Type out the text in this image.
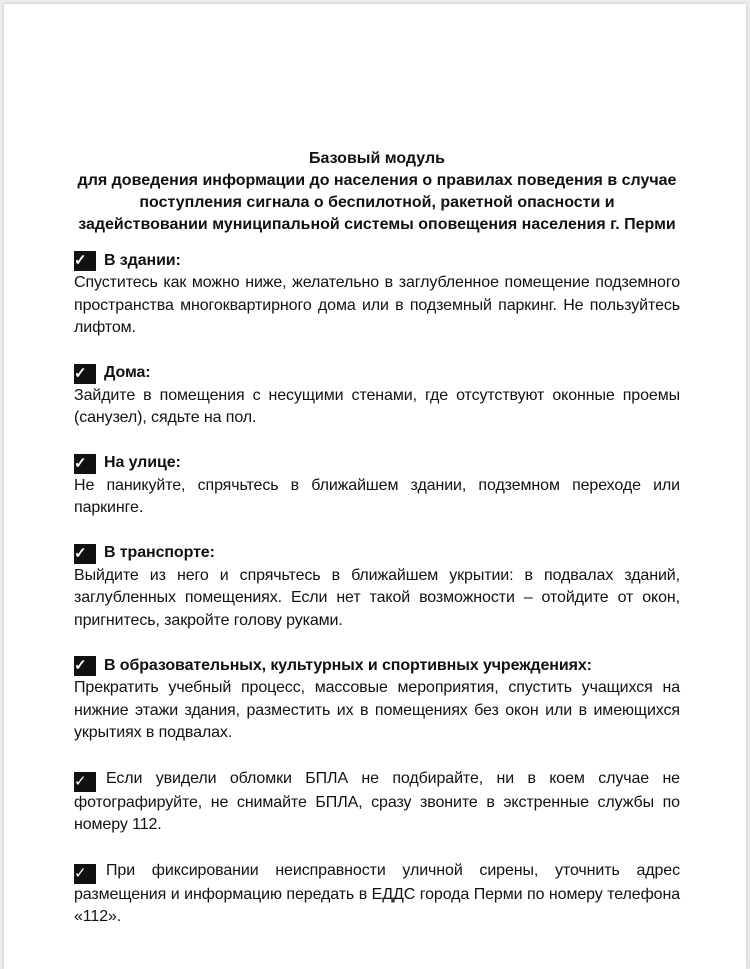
Базовый модуль
для доведения информации до населения о правилах поведения в случае
поступления сигнала о беспилотной, ракетной опасности и
задействовании муниципальной системы оповещения населения г. Перми
✓	В здании:

Спуститесь как можно ниже, желательно в заглубленное помещение подземного пространства многоквартирного дома или в подземный паркинг. Не пользуйтесь лифтом.

✓	Дома:

Зайдите в помещения с несущими стенами, где отсутствуют оконные проемы (санузел), сядьте на пол.

✓	На улице:

Не паникуйте, спрячьтесь в ближайшем здании, подземном переходе или паркинге.

✓	В транспорте:

Выйдите из него и спрячьтесь в ближайшем укрытии: в подвалах зданий, заглубленных помещениях. Если нет такой возможности – отойдите от окон, пригнитесь, закройте голову руками.

✓	В образовательных, культурных и спортивных учреждениях:

Прекратить учебный процесс, массовые мероприятия, спустить учащихся на нижние этажи здания, разместить их в помещениях без окон или в имеющихся укрытиях в подвалах.

✓ Если увидели обломки БПЛА не подбирайте, ни в коем случае не фотографируйте, не снимайте БПЛА, сразу звоните в экстренные службы по номеру 112.

✓ При фиксировании неисправности уличной сирены, уточнить адрес размещения и информацию передать в ЕДДС города Перми по номеру телефона «112».
